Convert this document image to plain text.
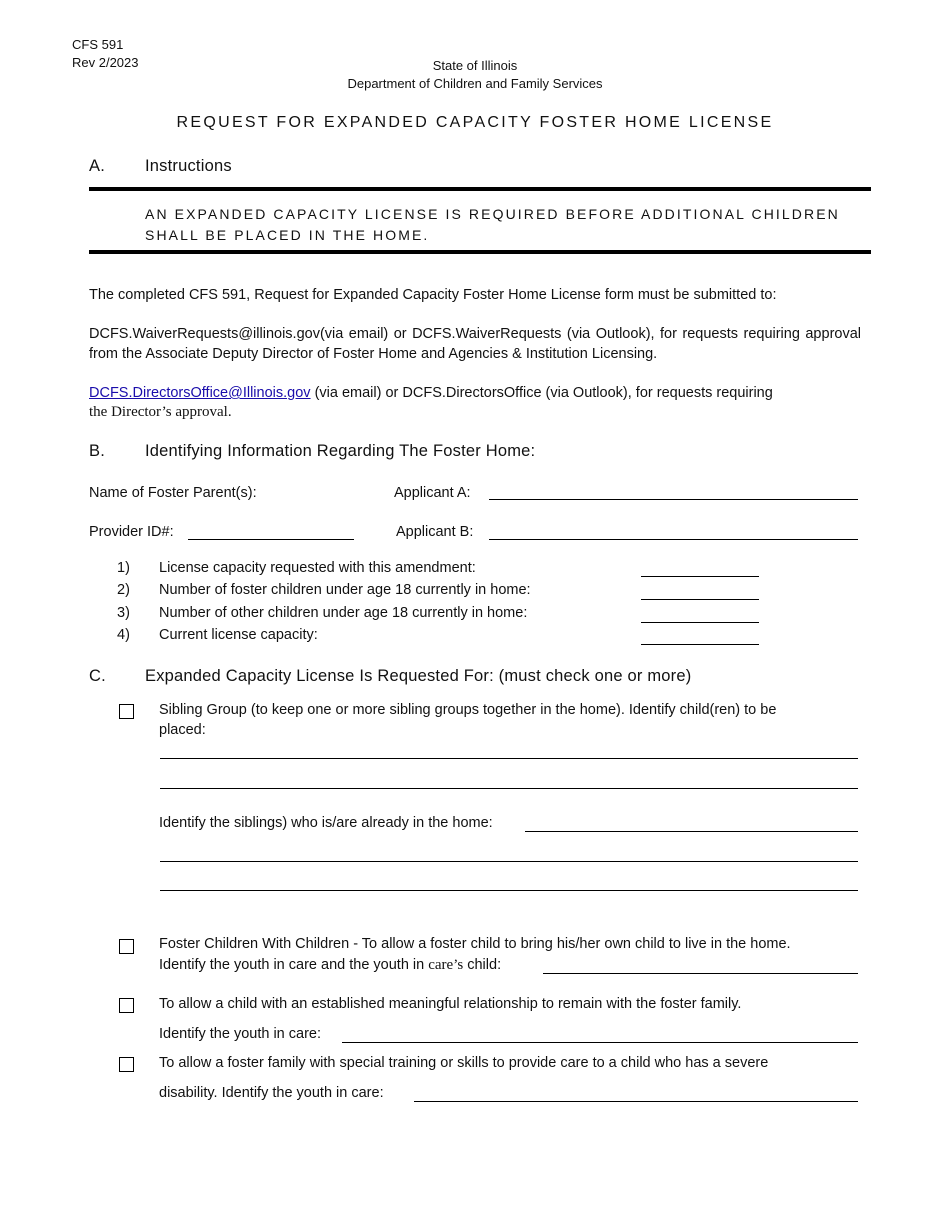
CFS 591
Rev 2/2023	State of Illinois
Department of Children and Family Services
REQUEST FOR EXPANDED CAPACITY FOSTER HOME LICENSE
A. Instructions
AN EXPANDED CAPACITY LICENSE IS REQUIRED BEFORE ADDITIONAL CHILDREN
SHALL BE PLACED IN THE HOME.
The completed CFS 591, Request for Expanded Capacity Foster Home License form must be submitted to:
DCFS.WaiverRequests@illinois.gov(via email) or DCFS.WaiverRequests (via Outlook), for requests requiring approval from the Associate Deputy Director of Foster Home and Agencies & Institution Licensing.
DCFS.DirectorsOffice@Illinois.gov (via email) or DCFS.DirectorsOffice (via Outlook), for requests requiring
the Director’s approval.
B. Identifying Information Regarding The Foster Home:
Name of Foster Parent(s):	Applicant A:
Provider ID#:	Applicant B:
1) License capacity requested with this amendment:
2) Number of foster children under age 18 currently in home:
3) Number of other children under age 18 currently in home:
4) Current license capacity:
C. Expanded Capacity License Is Requested For: (must check one or more)
Sibling Group (to keep one or more sibling groups together in the home). Identify child(ren) to be
placed:
Identify the siblings) who is/are already in the home:
Foster Children With Children - To allow a foster child to bring his/her own child to live in the home.
Identify the youth in care and the youth in care’s child:
To allow a child with an established meaningful relationship to remain with the foster family.
Identify the youth in care:
To allow a foster family with special training or skills to provide care to a child who has a severe
disability. Identify the youth in care:
